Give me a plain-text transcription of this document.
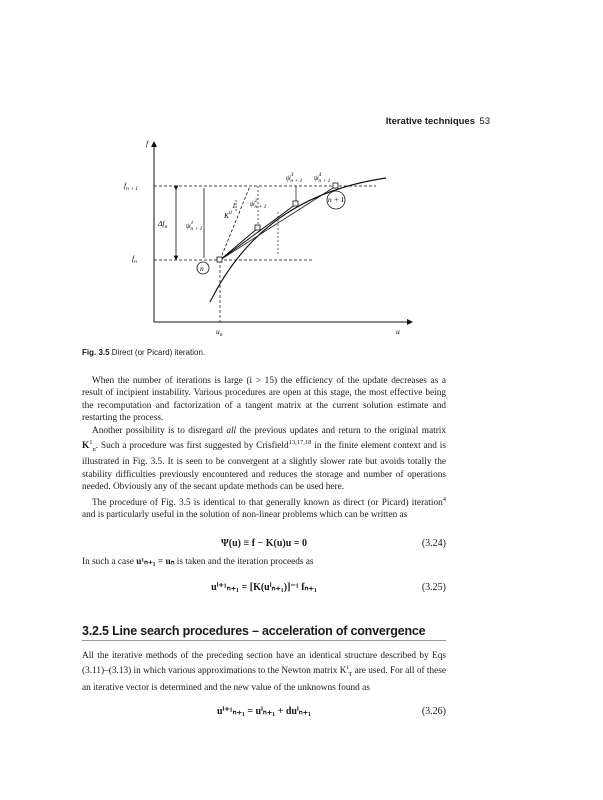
Iterative techniques 53
f
u
$f_{n + 1}$
$f_n$
$\Delta f_n$	$\psi^1$ n + 1
$K^0$
1 $\psi^2$ n + 1
$\psi^3$ n + 1 $\psi^4$ n + 1
n
n + 1
$u_n$
Fig. 3.5 Direct (or Picard) iteration.

When the number of iterations is large (i > 15) the efficiency of the update decreases as a result of incipient instability. Various procedures are open at this stage, the most effective being the recomputation and factorization of a tangent matrix at the current solution estimate and restarting the process.

Another possibility is to disregard all the previous updates and return to the original matrix $K^1_n$. Such a procedure was first suggested by Crisfield$^{13,17,18}$ in the finite element context and is illustrated in Fig. 3.5. It is seen to be convergent at a slightly slower rate but avoids totally the stability difficulties previously encountered and reduces the storage and number of operations needed. Obviously any of the secant update methods can be used here.

The procedure of Fig. 3.5 is identical to that generally known as direct (or Picard) iteration$^4$ and is particularly useful in the solution of non-linear problems which can be written as

Ψ(u) ≡ f − K(u)u = 0	(3.24)

In such a case u¹ₙ₊₁ = uₙ is taken and the iteration proceeds as

uⁱ⁺¹ₙ₊₁ = [K(uⁱₙ₊₁)]⁻¹ fₙ₊₁	(3.25)
3.2.5 Line search procedures – acceleration of convergence

All the iterative methods of the preceding section have an identical structure described by Eqs (3.11)–(3.13) in which various approximations to the Newton matrix $K^i_T$ are used. For all of these an iterative vector is determined and the new value of the unknowns found as

uⁱ⁺¹ₙ₊₁ = uⁱₙ₊₁ + duⁱₙ₊₁	(3.26)
